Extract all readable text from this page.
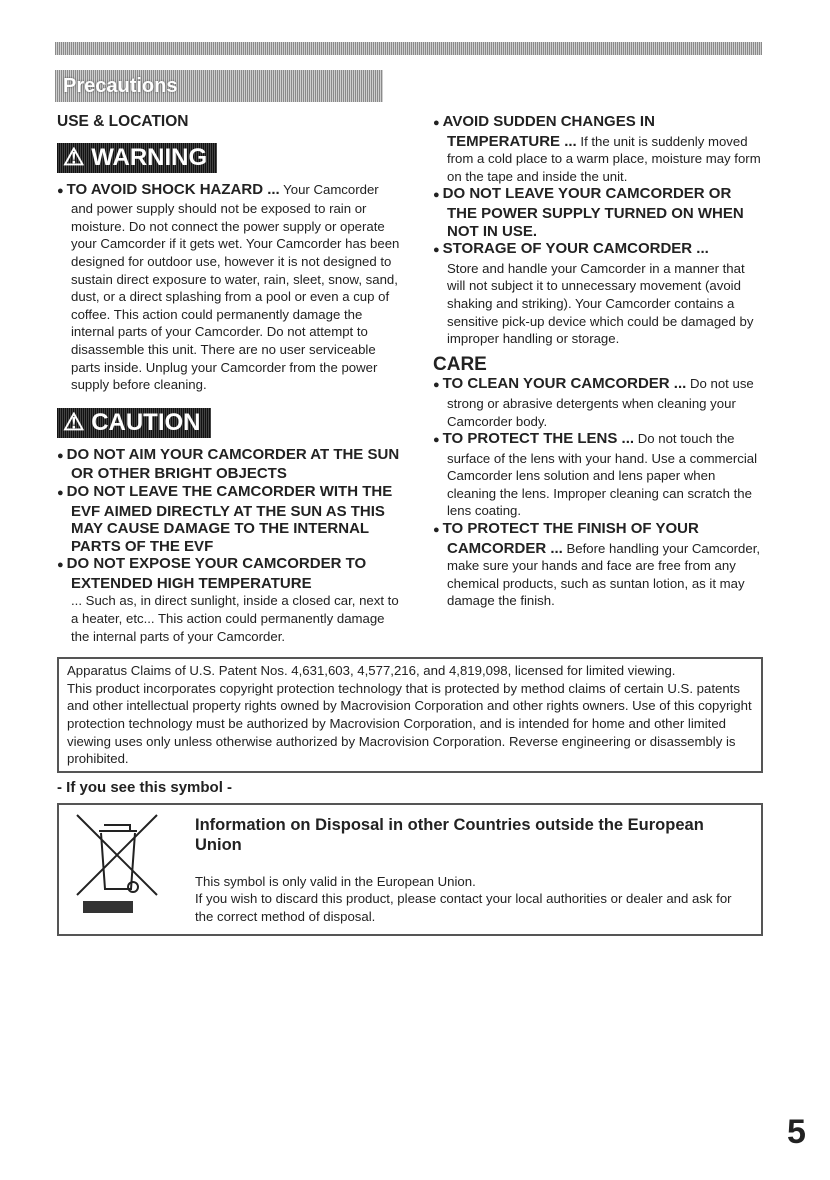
Precautions
USE & LOCATION
⚠ WARNING

● TO AVOID SHOCK HAZARD ... Your Camcorder and power supply should not be exposed to rain or moisture. Do not connect the power supply or operate your Camcorder if it gets wet. Your Camcorder has been designed for outdoor use, however it is not designed to sustain direct exposure to water, rain, sleet, snow, sand, dust, or a direct splashing from a pool or even a cup of coffee. This action could permanently damage the internal parts of your Camcorder. Do not attempt to disassemble this unit. There are no user serviceable parts inside. Unplug your Camcorder from the power supply before cleaning.

⚠ CAUTION

● DO NOT AIM YOUR CAMCORDER AT THE SUN OR OTHER BRIGHT OBJECTS

● DO NOT LEAVE THE CAMCORDER WITH THE EVF AIMED DIRECTLY AT THE SUN AS THIS MAY CAUSE DAMAGE TO THE INTERNAL PARTS OF THE EVF

● DO NOT EXPOSE YOUR CAMCORDER TO EXTENDED HIGH TEMPERATURE
... Such as, in direct sunlight, inside a closed car, next to a heater, etc... This action could permanently damage the internal parts of your Camcorder.

● AVOID SUDDEN CHANGES IN TEMPERATURE ... If the unit is suddenly moved from a cold place to a warm place, moisture may form on the tape and inside the unit.

● DO NOT LEAVE YOUR CAMCORDER OR THE POWER SUPPLY TURNED ON WHEN NOT IN USE.

● STORAGE OF YOUR CAMCORDER ...
Store and handle your Camcorder in a manner that will not subject it to unnecessary movement (avoid shaking and striking). Your Camcorder contains a sensitive pick-up device which could be damaged by improper handling or storage.

CARE

● TO CLEAN YOUR CAMCORDER ... Do not use strong or abrasive detergents when cleaning your Camcorder body.

● TO PROTECT THE LENS ... Do not touch the surface of the lens with your hand. Use a commercial Camcorder lens solution and lens paper when cleaning the lens. Improper cleaning can scratch the lens coating.

● TO PROTECT THE FINISH OF YOUR CAMCORDER ... Before handling your Camcorder, make sure your hands and face are free from any chemical products, such as suntan lotion, as it may damage the finish.

Apparatus Claims of U.S. Patent Nos. 4,631,603, 4,577,216, and 4,819,098, licensed for limited viewing.

This product incorporates copyright protection technology that is protected by method claims of certain U.S. patents and other intellectual property rights owned by Macrovision Corporation and other rights owners. Use of this copyright protection technology must be authorized by Macrovision Corporation, and is intended for home and other limited viewing uses only unless otherwise authorized by Macrovision Corporation. Reverse engineering or disassembly is prohibited.

- If you see this symbol -
Information on Disposal in other Countries outside the European Union

This symbol is only valid in the European Union.

If you wish to discard this product, please contact your local authorities or dealer and ask for the correct method of disposal.

5
